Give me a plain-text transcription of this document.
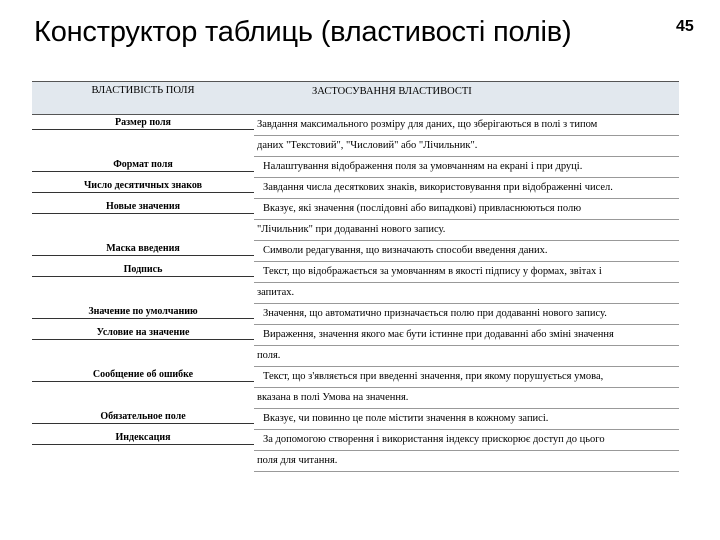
Конструктор таблиць (властивості полів)	45
ВЛАСТИВІСТЬ ПОЛЯ	ЗАСТОСУВАННЯ ВЛАСТИВОСТІ
Размер поля	Завдання максимального розміру для даних, що зберігаються в полі з типом
даних "Текстовий", "Числовий" або "Лічильник".
Формат поля	Налаштування відображення поля за умовчанням на екрані і при друці.
Число десятичных знаков	Завдання числа десяткових знаків, використовування при відображенні чисел.
Новые значения	Вказує, які значення (послідовні або випадкові) привласнюються полю
"Лічильник" при додаванні нового запису.
Маска введения	Символи редагування, що визначають способи введення даних.
Подпись	Текст, що відображається за умовчанням в якості підпису у формах, звітах і
запитах.
Значение по умолчанию	Значення, що автоматично призначається полю при додаванні нового запису.
Условие на значение	Вираження, значення якого має бути істинне при додаванні або зміні значення
поля.
Сообщение об ошибке	Текст, що з'являється при введенні значення, при якому порушується умова,
вказана в полі Умова на значення.
Обязательное поле	Вказує, чи повинно це поле містити значення в кожному записі.
Индексация	За допомогою створення і використання індексу прискорює доступ до цього
поля для читання.
